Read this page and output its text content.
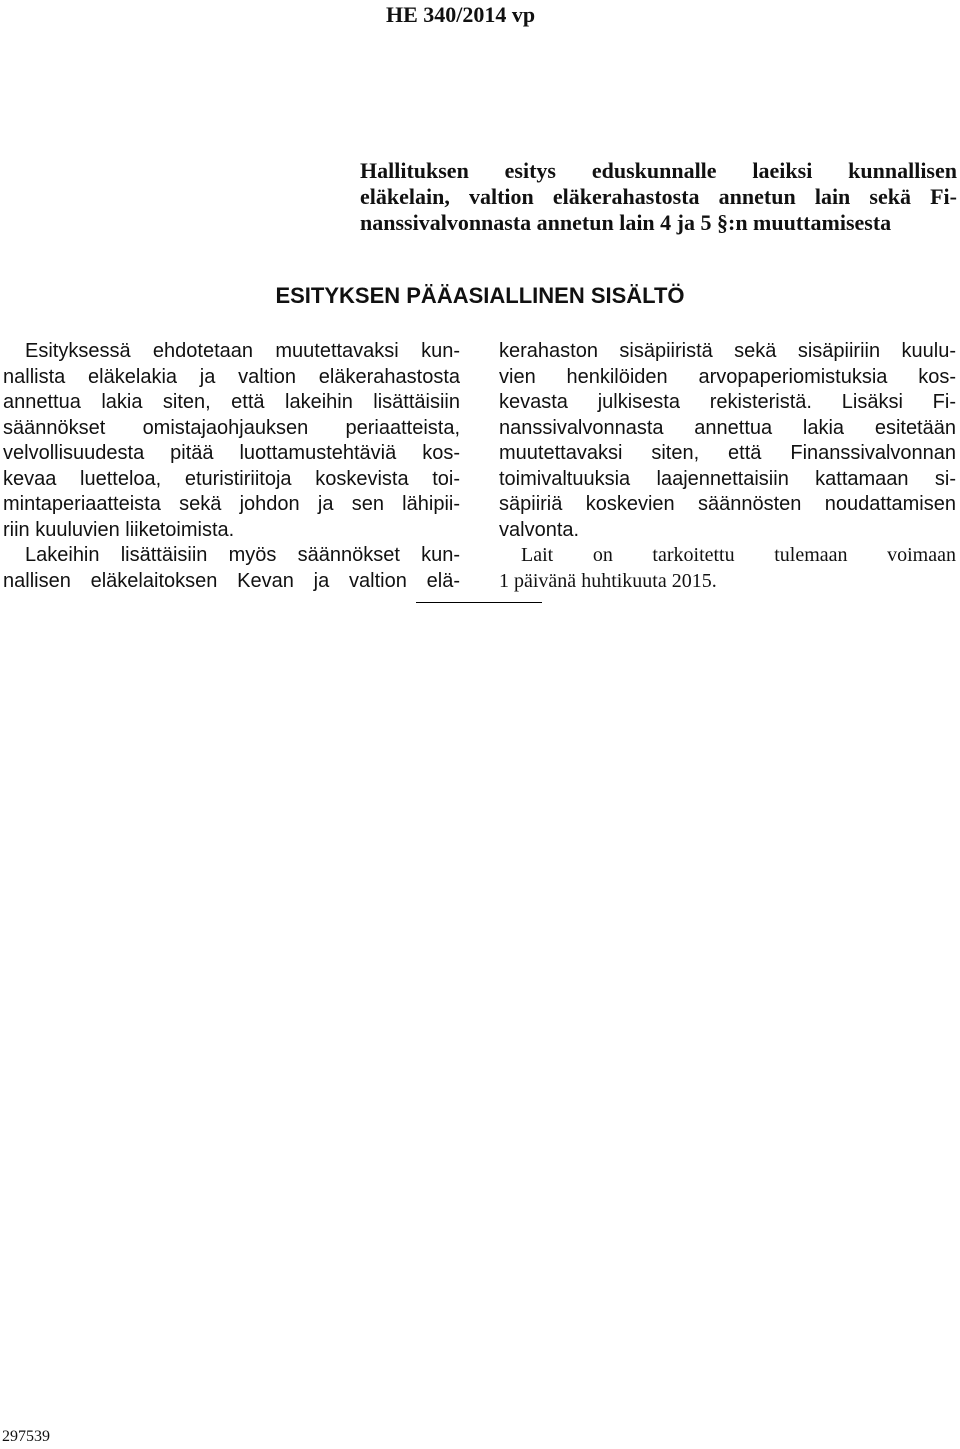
HE 340/2014 vp
Hallituksen esitys eduskunnalle laeiksi kunnallisen
eläkelain, valtion eläkerahastosta annetun lain sekä Fi-
nanssivalvonnasta annetun lain 4 ja 5 §:n muuttamisesta
ESITYKSEN PÄÄASIALLINEN SISÄLTÖ
Esityksessä ehdotetaan muutettavaksi kun-
nallista eläkelakia ja valtion eläkerahastosta
annettua lakia siten, että lakeihin lisättäisiin
säännökset omistajaohjauksen periaatteista,
velvollisuudesta pitää luottamustehtäviä kos-
kevaa luetteloa, eturistiriitoja koskevista toi-
mintaperiaatteista sekä johdon ja sen lähipii-
riin kuuluvien liiketoimista.
Lakeihin lisättäisiin myös säännökset kun-
nallisen eläkelaitoksen Kevan ja valtion elä-
kerahaston sisäpiiristä sekä sisäpiiriin kuulu-
vien henkilöiden arvopaperiomistuksia kos-
kevasta julkisesta rekisteristä. Lisäksi Fi-
nanssivalvonnasta annettua lakia esitetään
muutettavaksi siten, että Finanssivalvonnan
toimivaltuuksia laajennettaisiin kattamaan si-
säpiiriä koskevien säännösten noudattamisen
valvonta.
Lait on tarkoitettu tulemaan voimaan
1 päivänä huhtikuuta 2015.
297539
